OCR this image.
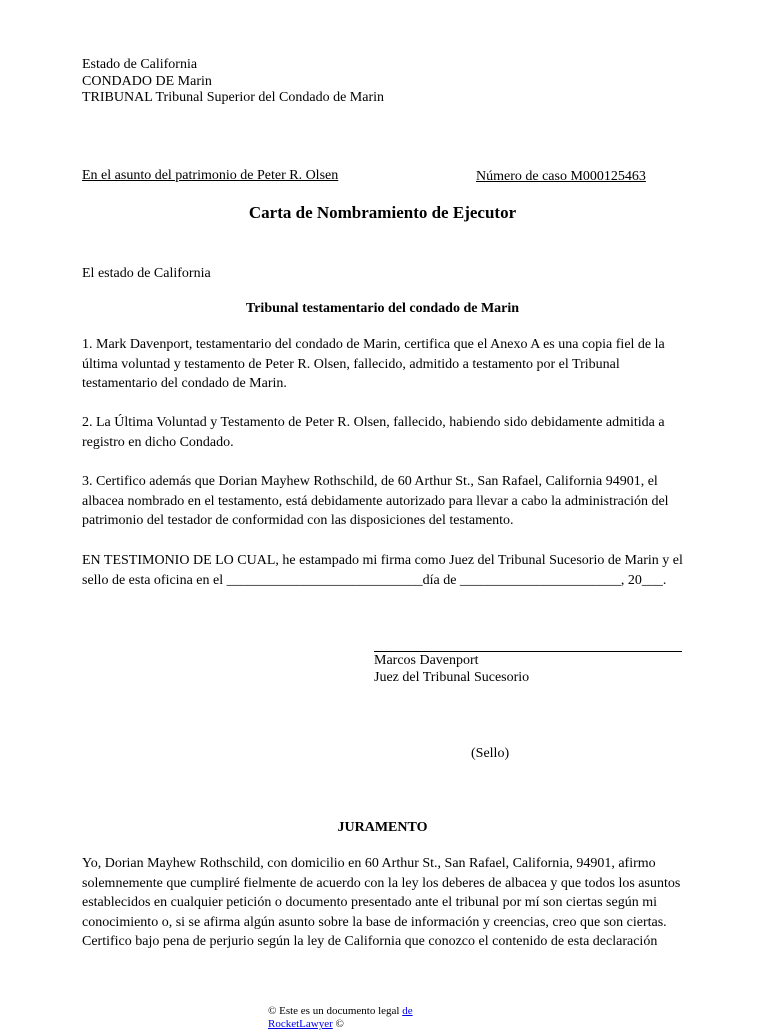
Estado de California
CONDADO DE Marin
TRIBUNAL Tribunal Superior del Condado de Marin
En el asunto del patrimonio de Peter R. Olsen	Número de caso M000125463
Carta de Nombramiento de Ejecutor
El estado de California
Tribunal testamentario del condado de Marin
1. Mark Davenport, testamentario del condado de Marin, certifica que el Anexo A es una copia fiel de la
última voluntad y testamento de Peter R. Olsen, fallecido, admitido a testamento por el Tribunal
testamentario del condado de Marin.
2. La Última Voluntad y Testamento de Peter R. Olsen, fallecido, habiendo sido debidamente admitida a
registro en dicho Condado.
3. Certifico además que Dorian Mayhew Rothschild, de 60 Arthur St., San Rafael, California 94901, el
albacea nombrado en el testamento, está debidamente autorizado para llevar a cabo la administración del
patrimonio del testador de conformidad con las disposiciones del testamento.
EN TESTIMONIO DE LO CUAL, he estampado mi firma como Juez del Tribunal Sucesorio de Marin y el
sello de esta oficina en el ____________________________día de _______________________, 20___.
Marcos Davenport
Juez del Tribunal Sucesorio
(Sello)
JURAMENTO
Yo, Dorian Mayhew Rothschild, con domicilio en 60 Arthur St., San Rafael, California, 94901, afirmo
solemnemente que cumpliré fielmente de acuerdo con la ley los deberes de albacea y que todos los asuntos
establecidos en cualquier petición o documento presentado ante el tribunal por mí son ciertas según mi
conocimiento o, si se afirma algún asunto sobre la base de información y creencias, creo que son ciertas.
Certifico bajo pena de perjurio según la ley de California que conozco el contenido de esta declaración
© Este es un documento legal de
RocketLawyer ©
